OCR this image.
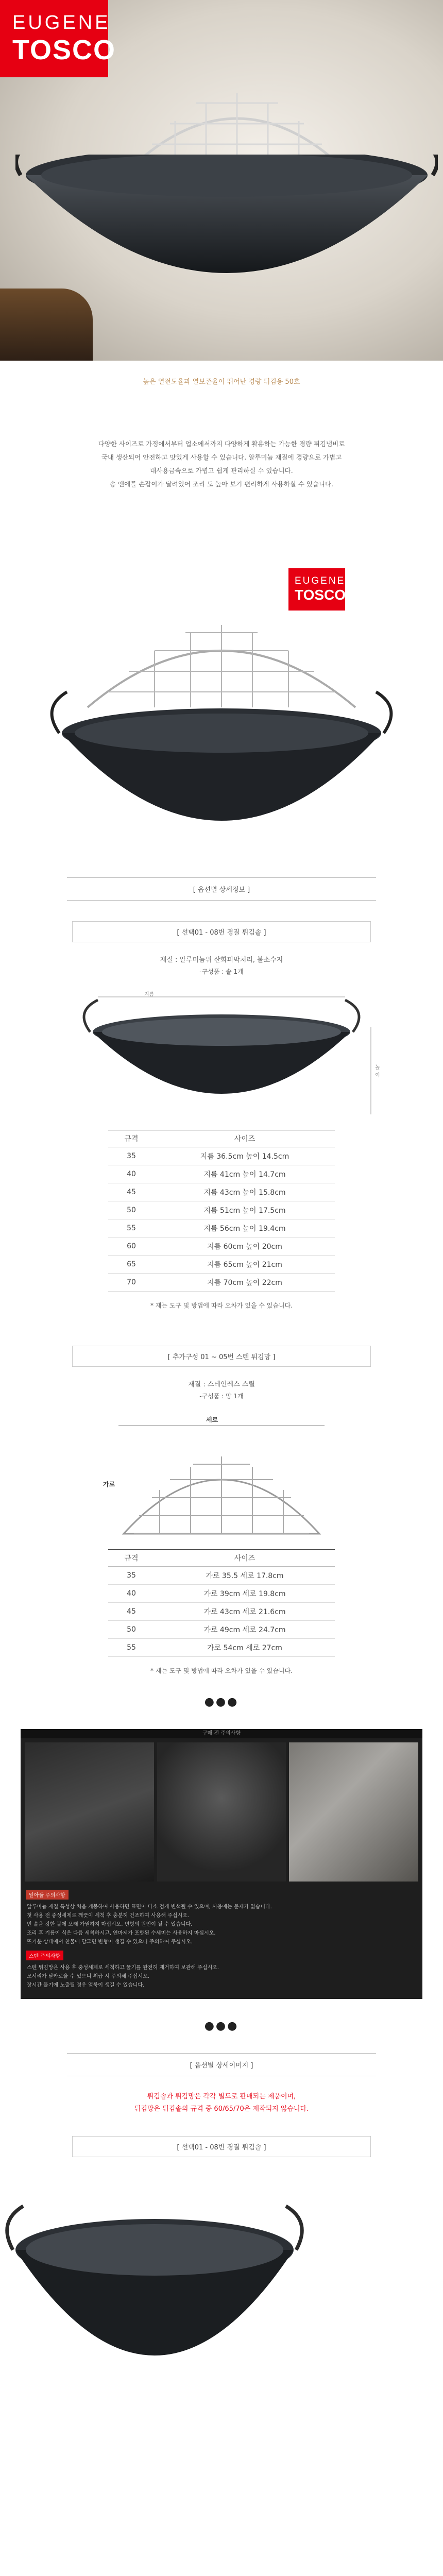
EUGENE
TOSCO
높은 열전도율과 열보존율이 뛰어난 경량 튀김용 50호

다양한 사이즈로 가정에서부터 업소에서까지 다양하게 활용하는 가능한 경량 튀김냄비로

국내 생산되어 안전하고 맛있게 사용할 수 있습니다. 알루미늄 재질에 경량으로 가볍고

대사용금속으로 가볍고 쉽게 관리하실 수 있습니다.

송 엔에를 손잡이가 달려있어 조리 도 높아 보기 편리하게 사용하실 수 있습니다.

EUGENE
TOSCO
[ 옵션별 상세정보 ]
[ 선택01 - 08번 경질 튀김솥 ]
재질 : 알루미늄위 산화피막처리, 불소수지
-구성품 : 솥 1개
지름
높이
규격	사이즈
35	지름 36.5cm 높이 14.5cm
40	지름 41cm 높이 14.7cm
45	지름 43cm 높이 15.8cm
50	지름 51cm 높이 17.5cm
55	지름 56cm 높이 19.4cm
60	지름 60cm 높이 20cm
65	지름 65cm 높이 21cm
70	지름 70cm 높이 22cm
* 재는 도구 및 방법에 따라 오차가 있을 수 있습니다.
[ 추가구성 01 ~ 05번 스텐 튀김망 ]
재질 : 스테인레스 스틸
-구성품 : 망 1개
세로
가로
규격	사이즈
35	가로 35.5 세로 17.8cm
40	가로 39cm 세로 19.8cm
45	가로 43cm 세로 21.6cm
50	가로 49cm 세로 24.7cm
55	가로 54cm 세로 27cm
* 재는 도구 및 방법에 따라 오차가 있을 수 있습니다.
●●●
구매 전 주의사항
알아둘 주의사항

알루미늄 재질 특성상 처음 개봉하여 사용하면 표면이 다소 검게 변색될 수 있으며, 사용에는 문제가 없습니다.

첫 사용 전 중성세제로 깨끗이 세척 후 충분히 건조하여 사용해 주십시오.

빈 솥을 강한 불에 오래 가열하지 마십시오. 변형의 원인이 될 수 있습니다.

조리 후 기름이 식은 다음 세척하시고, 연마제가 포함된 수세미는 사용하지 마십시오.

뜨거운 상태에서 찬물에 담그면 변형이 생길 수 있으니 주의하여 주십시오.

스텐 주의사항

스텐 튀김망은 사용 후 중성세제로 세척하고 물기를 완전히 제거하여 보관해 주십시오.

모서리가 날카로울 수 있으니 취급 시 주의해 주십시오.

장시간 물기에 노출될 경우 얼룩이 생길 수 있습니다.

●●●
[ 옵션별 상세이미지 ]
튀김솥과 튀김망은 각각 별도로 판매되는 제품이며,
튀김망은 튀김솥의 규격 중 60/65/70은 제작되지 않습니다.
[ 선택01 - 08번 경질 튀김솥 ]
